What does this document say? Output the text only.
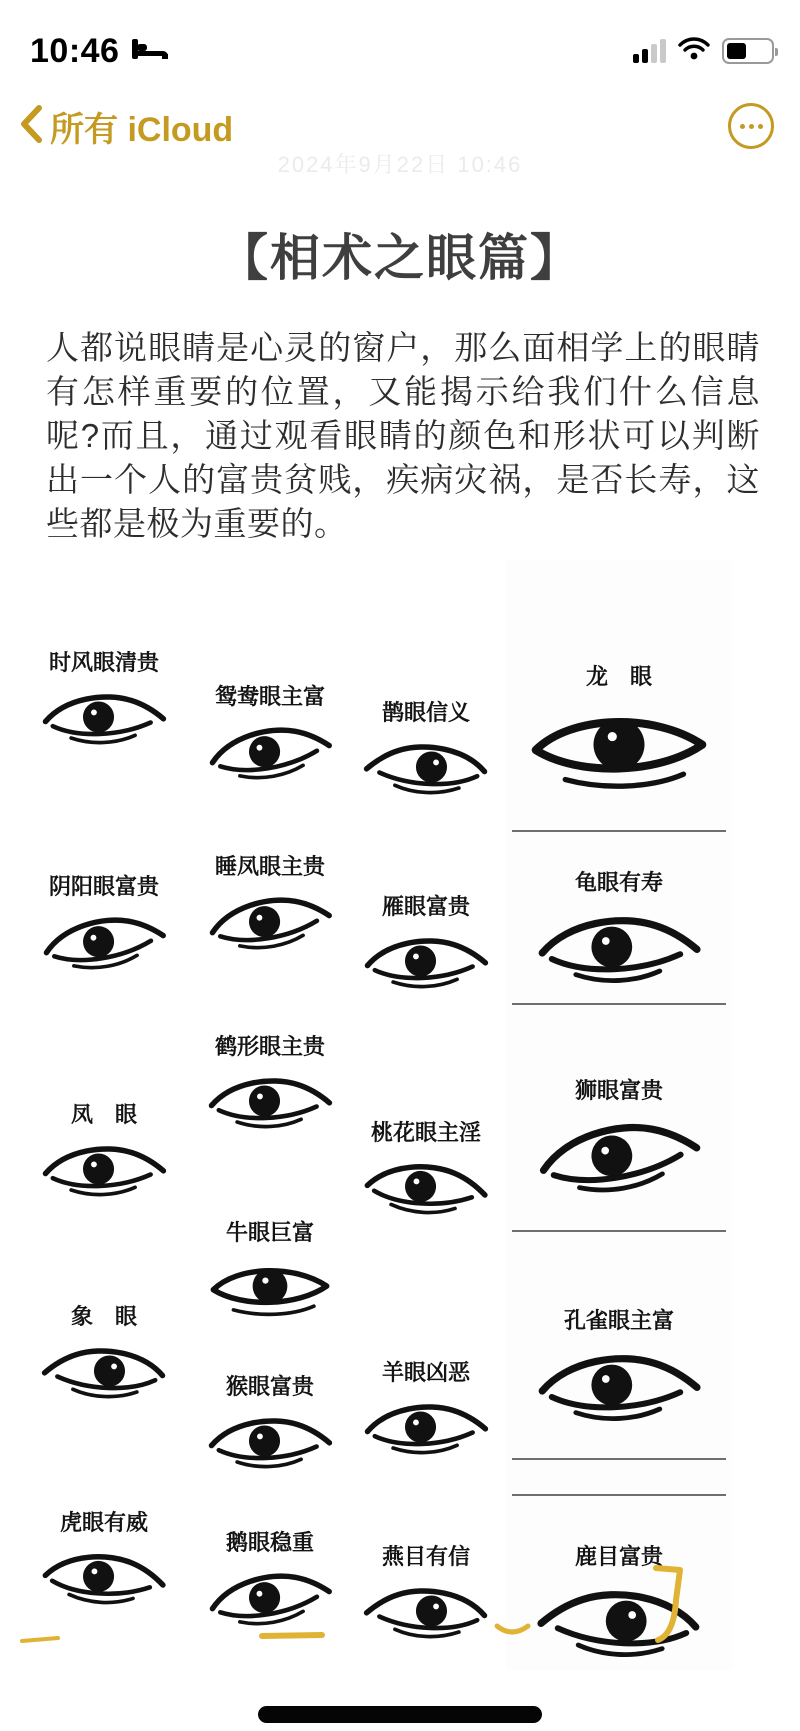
10:46
所有 iCloud
2024年9月22日 10:46
【相术之眼篇】
人都说眼睛是心灵的窗户，那么面相学上的眼睛有怎样重要的位置，又能揭示给我们什么信息呢?而且，通过观看眼睛的颜色和形状可以判断出一个人的富贵贫贱，疾病灾祸，是否长寿，这些都是极为重要的。
时风眼清贵
阴阳眼富贵
凤　眼
象　眼
虎眼有威
鸳鸯眼主富
睡凤眼主贵
鹤形眼主贵
牛眼巨富
猴眼富贵
鹅眼稳重
鹊眼信义
雁眼富贵
桃花眼主淫
羊眼凶恶
燕目有信
龙　眼
龟眼有寿
狮眼富贵
孔雀眼主富
鹿目富贵
